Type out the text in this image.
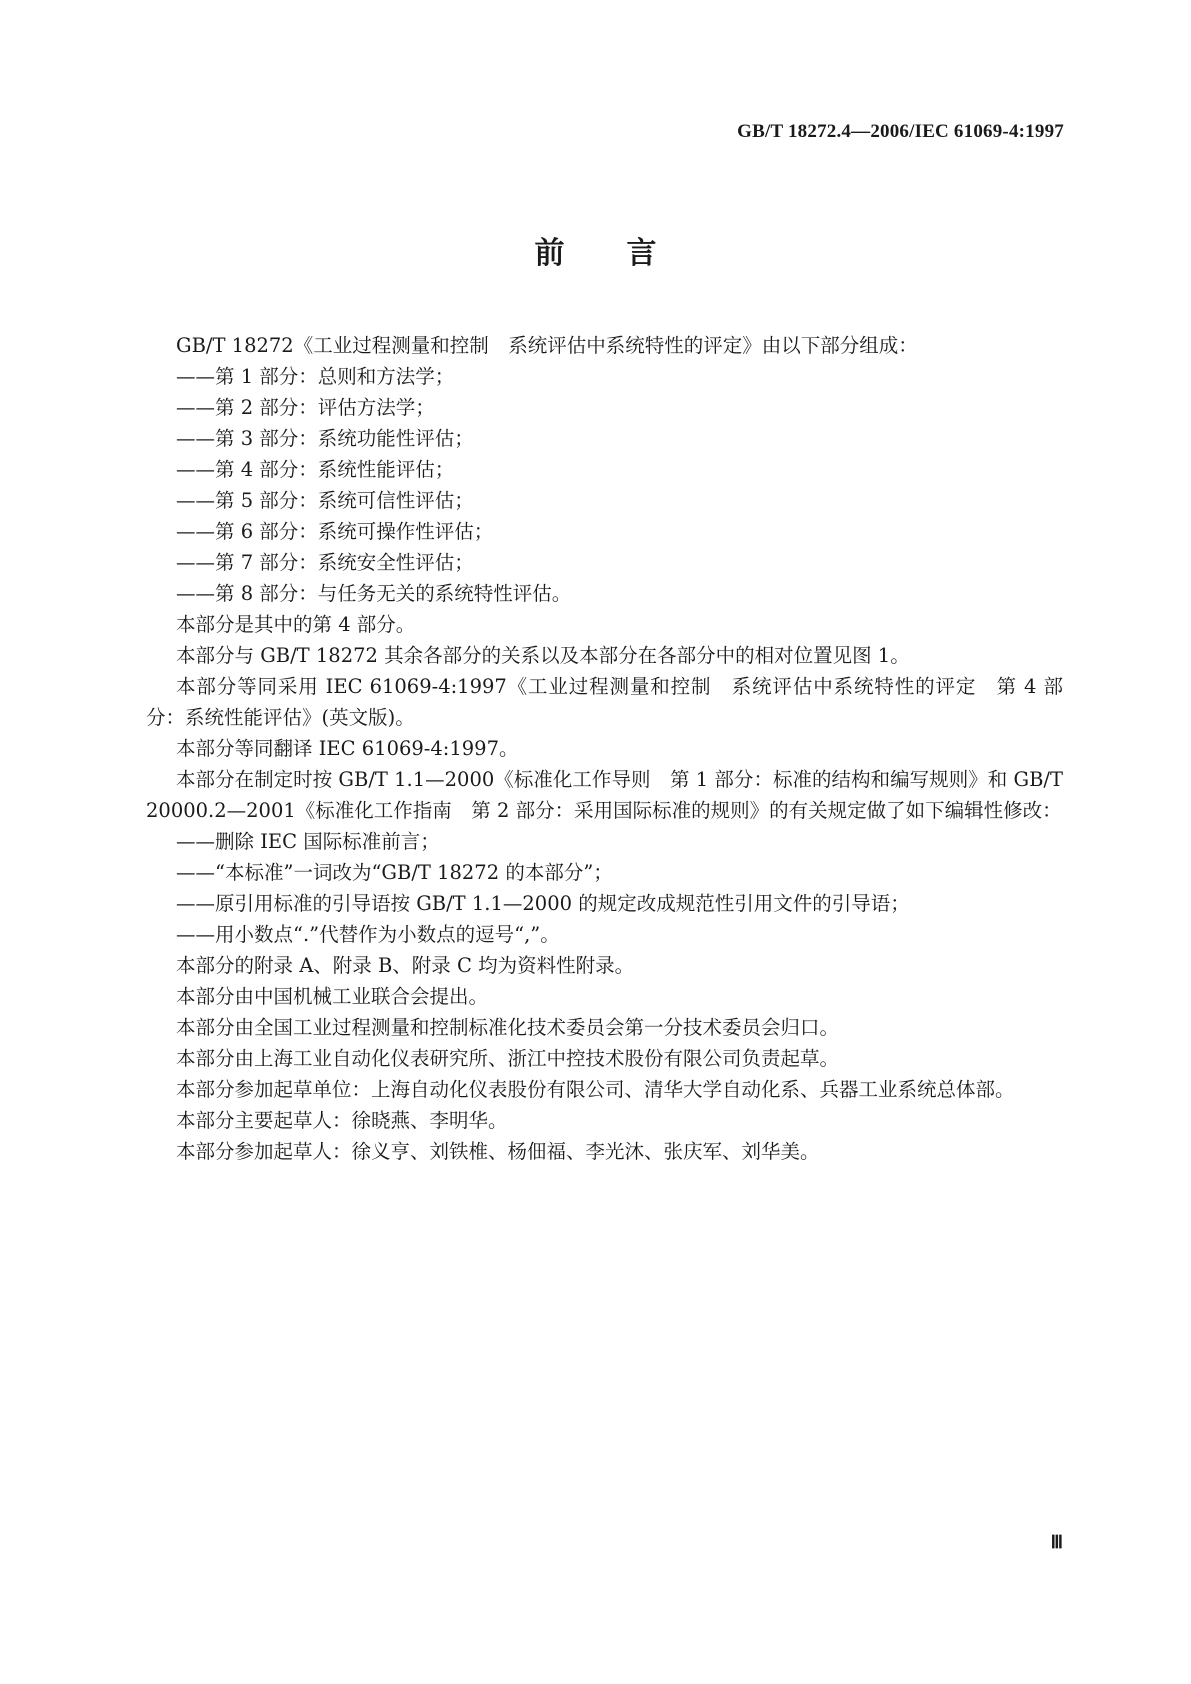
GB/T 18272.4—2006/IEC 61069-4:1997
前 言

GB/T 18272《工业过程测量和控制　系统评估中系统特性的评定》由以下部分组成：

——第 1 部分：总则和方法学；

——第 2 部分：评估方法学；

——第 3 部分：系统功能性评估；

——第 4 部分：系统性能评估；

——第 5 部分：系统可信性评估；

——第 6 部分：系统可操作性评估；

——第 7 部分：系统安全性评估；

——第 8 部分：与任务无关的系统特性评估。

本部分是其中的第 4 部分。

本部分与 GB/T 18272 其余各部分的关系以及本部分在各部分中的相对位置见图 1。

本部分等同采用 IEC 61069-4:1997《工业过程测量和控制　系统评估中系统特性的评定　第 4 部分：系统性能评估》(英文版)。

本部分等同翻译 IEC 61069-4:1997。

本部分在制定时按 GB/T 1.1—2000《标准化工作导则　第 1 部分：标准的结构和编写规则》和 GB/T 20000.2—2001《标准化工作指南　第 2 部分：采用国际标准的规则》的有关规定做了如下编辑性修改：

——删除 IEC 国际标准前言；

——“本标准”一词改为“GB/T 18272 的本部分”；

——原引用标准的引导语按 GB/T 1.1—2000 的规定改成规范性引用文件的引导语；

——用小数点“.”代替作为小数点的逗号“,”。

本部分的附录 A、附录 B、附录 C 均为资料性附录。

本部分由中国机械工业联合会提出。

本部分由全国工业过程测量和控制标准化技术委员会第一分技术委员会归口。

本部分由上海工业自动化仪表研究所、浙江中控技术股份有限公司负责起草。

本部分参加起草单位：上海自动化仪表股份有限公司、清华大学自动化系、兵器工业系统总体部。

本部分主要起草人：徐晓燕、李明华。

本部分参加起草人：徐义亨、刘铁椎、杨佃福、李光沐、张庆军、刘华美。

Ⅲ
